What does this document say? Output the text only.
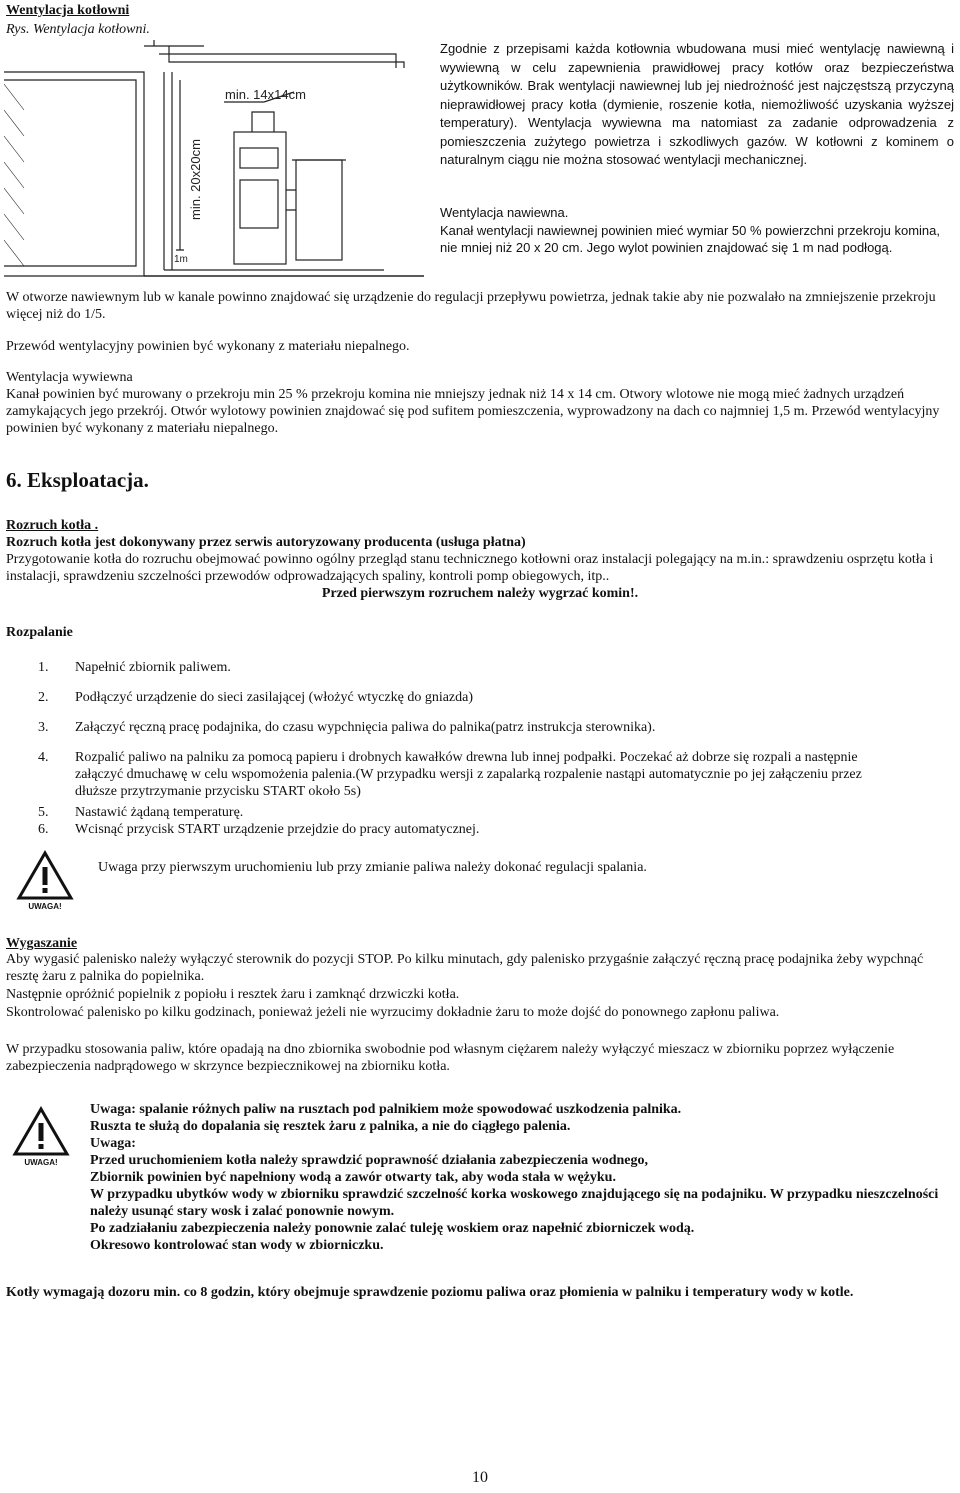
Wentylacja kotłowni
Rys. Wentylacja kotłowni.
min. 14x14cm
min. 20x20cm
1m
Zgodnie z przepisami każda kotłownia wbudowana musi mieć wentylację nawiewną i wywiewną w celu zapewnienia prawidłowej pracy kotłów oraz bezpieczeństwa użytkowników. Brak wentylacji nawiewnej lub jej niedrożność jest najczęstszą przyczyną nieprawidłowej pracy kotła (dymienie, roszenie kotła, niemożliwość uzyskania wyższej temperatury). Wentylacja wywiewna ma natomiast za zadanie odprowadzenia z pomieszczenia zużytego powietrza i szkodliwych gazów. W kotłowni z kominem o naturalnym ciągu nie można stosować wentylacji mechanicznej.
Wentylacja nawiewna.
Kanał wentylacji nawiewnej powinien mieć wymiar 50 % powierzchni przekroju komina, nie mniej niż 20 x 20 cm. Jego wylot powinien znajdować się 1 m nad podłogą.
W otworze nawiewnym lub w kanale powinno znajdować się urządzenie do regulacji przepływu powietrza, jednak takie aby nie pozwalało na zmniejszenie przekroju więcej niż do 1/5.
Przewód wentylacyjny powinien być wykonany z materiału niepalnego.
Wentylacja wywiewna
Kanał powinien być murowany o przekroju min 25 % przekroju komina nie mniejszy jednak niż 14 x 14 cm. Otwory wlotowe nie mogą mieć żadnych urządzeń zamykających jego przekrój. Otwór wylotowy powinien znajdować się pod sufitem pomieszczenia, wyprowadzony na dach co najmniej 1,5 m. Przewód wentylacyjny powinien być wykonany z materiału niepalnego.
6. Eksploatacja.
Rozruch kotła .
Rozruch kotła jest dokonywany przez serwis autoryzowany producenta (usługa płatna)
Przygotowanie kotła do rozruchu obejmować powinno ogólny przegląd stanu technicznego kotłowni oraz instalacji polegający na m.in.: sprawdzeniu osprzętu kotła i instalacji, sprawdzeniu szczelności przewodów odprowadzających spaliny, kontroli pomp obiegowych, itp..
Przed pierwszym rozruchem należy wygrzać komin!.
Rozpalanie
1. Napełnić zbiornik paliwem.
2. Podłączyć urządzenie do sieci zasilającej (włożyć wtyczkę do gniazda)
3. Załączyć ręczną pracę podajnika, do czasu wypchnięcia paliwa do palnika(patrz instrukcja sterownika).
4. Rozpalić paliwo na palniku za pomocą papieru i drobnych kawałków drewna lub innej podpałki. Poczekać aż dobrze się rozpali a następnie załączyć dmuchawę w celu wspomożenia palenia.(W przypadku wersji z zapalarką rozpalenie nastąpi automatycznie po jej załączeniu przez dłuższe przytrzymanie przycisku START około 5s)
5. Nastawić żądaną temperaturę.
6. Wcisnąć przycisk START urządzenie przejdzie do pracy automatycznej.
UWAGA!
Uwaga przy pierwszym uruchomieniu lub przy zmianie paliwa należy dokonać regulacji spalania.
Wygaszanie
Aby wygasić palenisko należy wyłączyć sterownik do pozycji STOP. Po kilku minutach, gdy palenisko przygaśnie załączyć ręczną pracę podajnika żeby wypchnąć resztę żaru z palnika do popielnika.
Następnie opróżnić popielnik z popiołu i resztek żaru i zamknąć drzwiczki kotła.
Skontrolować palenisko po kilku godzinach, ponieważ jeżeli nie wyrzucimy dokładnie żaru to może dojść do ponownego zapłonu paliwa.
W przypadku stosowania paliw, które opadają na dno zbiornika swobodnie pod własnym ciężarem należy wyłączyć mieszacz w zbiorniku poprzez wyłączenie zabezpieczenia nadprądowego w skrzynce bezpiecznikowej na zbiorniku kotła.
UWAGA!
Uwaga: spalanie różnych paliw na rusztach pod palnikiem może spowodować uszkodzenia palnika.
Ruszta te służą do dopalania się resztek żaru z palnika, a nie do ciągłego palenia.
Uwaga:
Przed uruchomieniem kotła należy sprawdzić poprawność działania zabezpieczenia wodnego,
Zbiornik powinien być napełniony wodą a zawór otwarty tak, aby woda stała w wężyku.
W przypadku ubytków wody w zbiorniku sprawdzić szczelność korka woskowego znajdującego się na podajniku. W przypadku nieszczelności należy usunąć stary wosk i zalać ponownie nowym.
Po zadziałaniu zabezpieczenia należy ponownie zalać tuleję woskiem oraz napełnić zbiorniczek wodą.
Okresowo kontrolować stan wody w zbiorniczku.
Kotły wymagają dozoru min. co 8 godzin, który obejmuje sprawdzenie poziomu paliwa oraz płomienia w palniku i temperatury wody w kotle.
10
